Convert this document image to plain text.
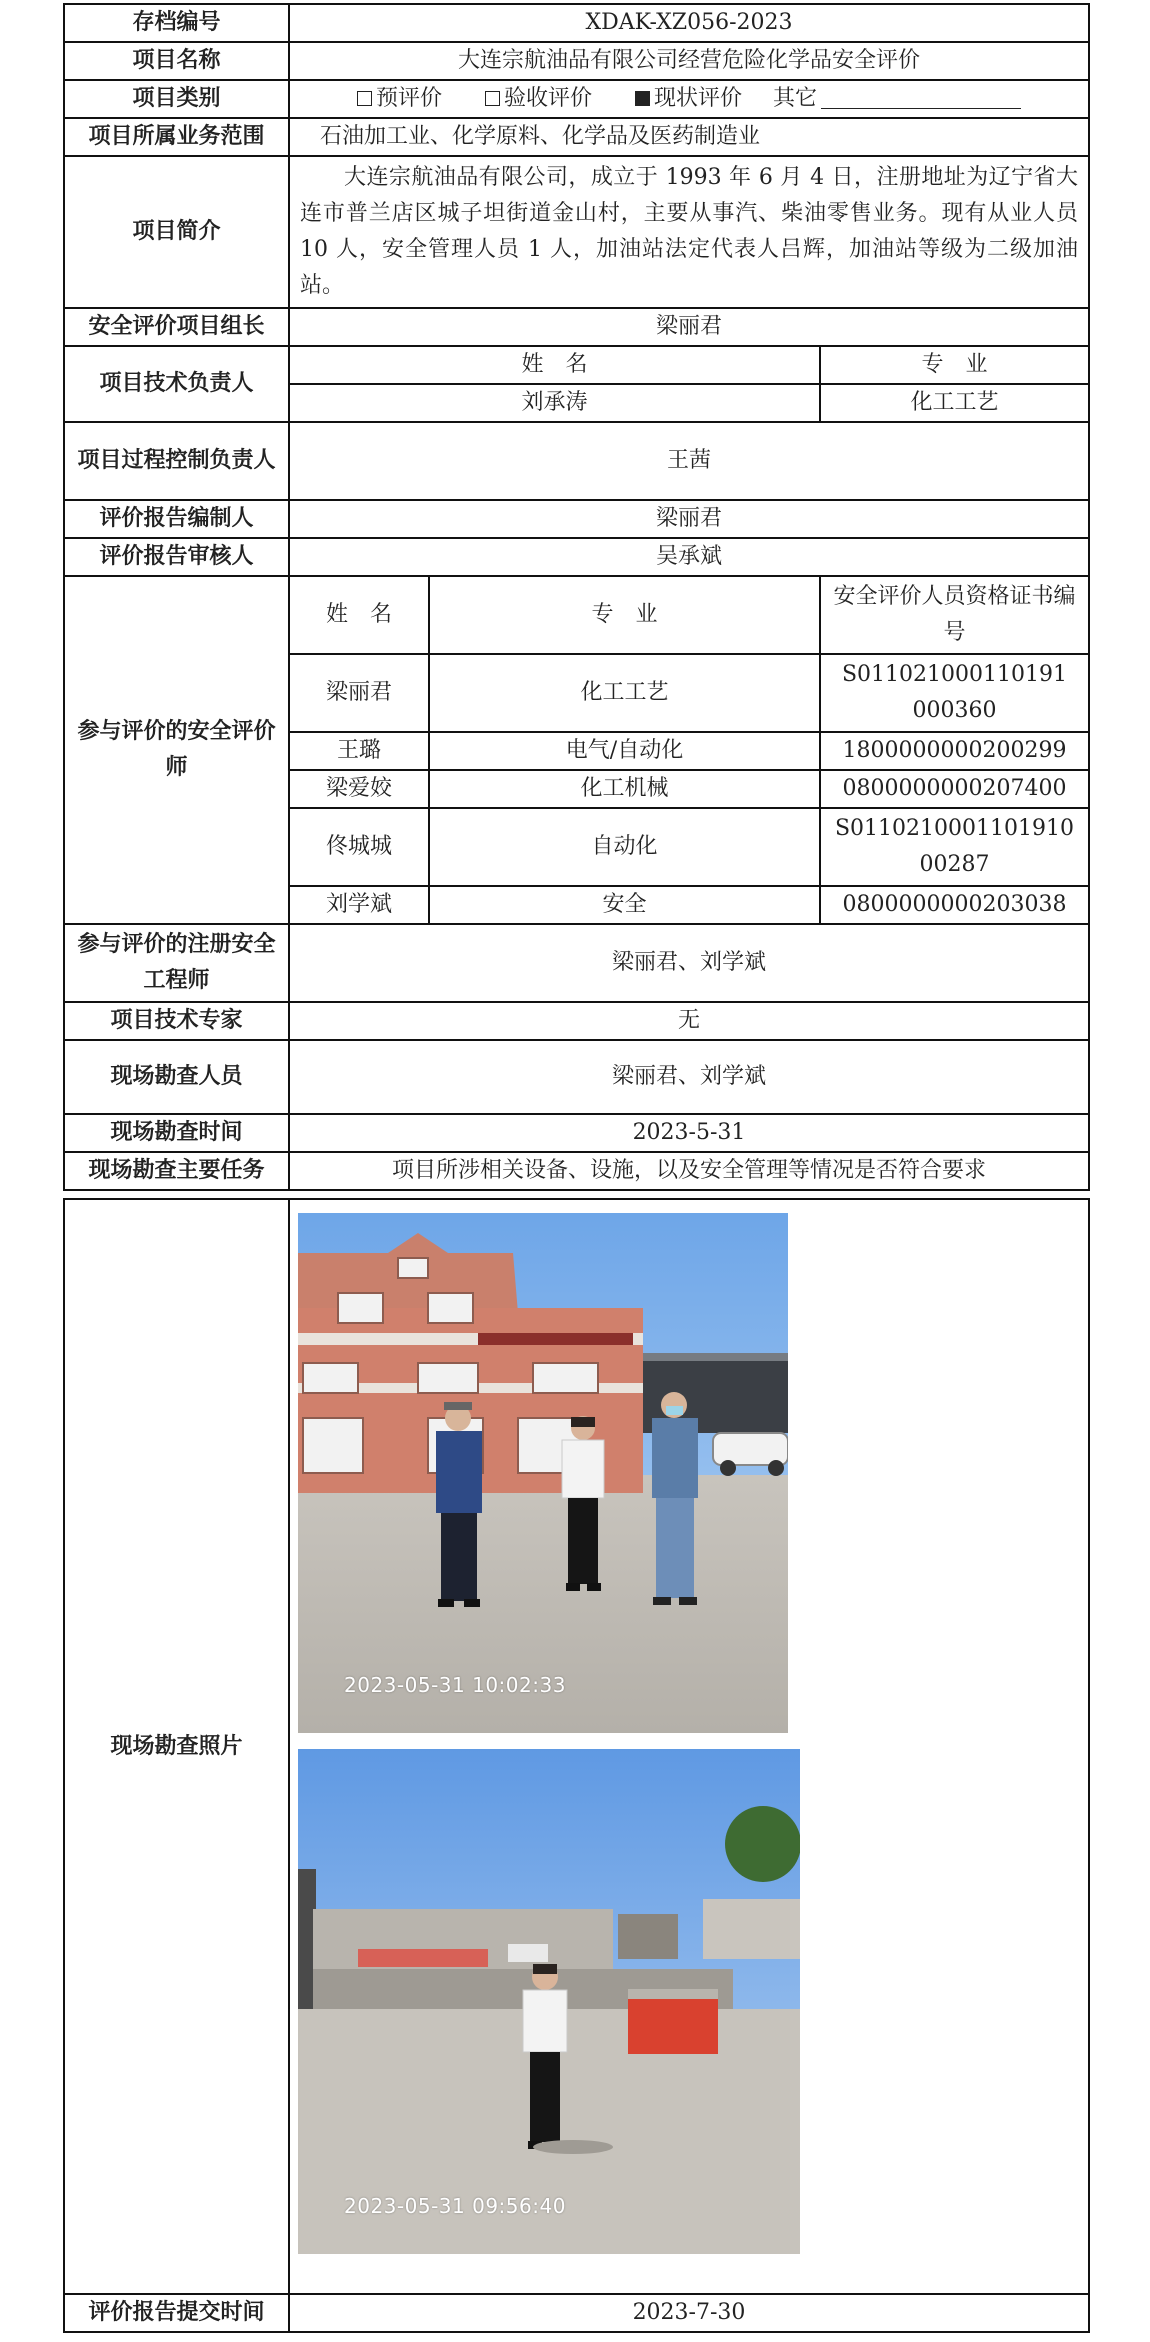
存档编号	XDAK-XZ056-2023		
项目名称	大连宗航油品有限公司经营危险化学品安全评价		
项目类别	预评价 验收评价 现状评价 其它		
项目所属业务范围	石油加工业、化学原料、化学品及医药制造业		
项目简介	大连宗航油品有限公司，成立于 1993 年 6 月 4 日，注册地址为辽宁省大连市普兰店区城子坦街道金山村，主要从事汽、柴油零售业务。现有从业人员 10 人，安全管理人员 1 人，加油站法定代表人吕辉，加油站等级为二级加油站。		
安全评价项目组长	梁丽君		
项目技术负责人	姓　名		专　业
	刘承涛		化工工艺
项目过程控制负责人	王茜		
评价报告编制人	梁丽君		
评价报告审核人	吴承斌		
参与评价的安全评价师	姓　名	专　业	安全评价人员资格证书编号
	梁丽君	化工工艺	S011021000110191000360
	王璐	电气/自动化	1800000000200299
	梁爱姣	化工机械	0800000000207400
	佟城城	自动化	S011021000110191000287
	刘学斌	安全	0800000000203038
参与评价的注册安全工程师	梁丽君、刘学斌		
项目技术专家	无		
现场勘查人员	梁丽君、刘学斌		
现场勘查时间	2023-5-31		
现场勘查主要任务	项目所涉相关设备、设施，以及安全管理等情况是否符合要求		
现场勘查照片	2023-05-31 10:02:33
2023-05-31 09:56:40

评价报告提交时间	2023-7-30
